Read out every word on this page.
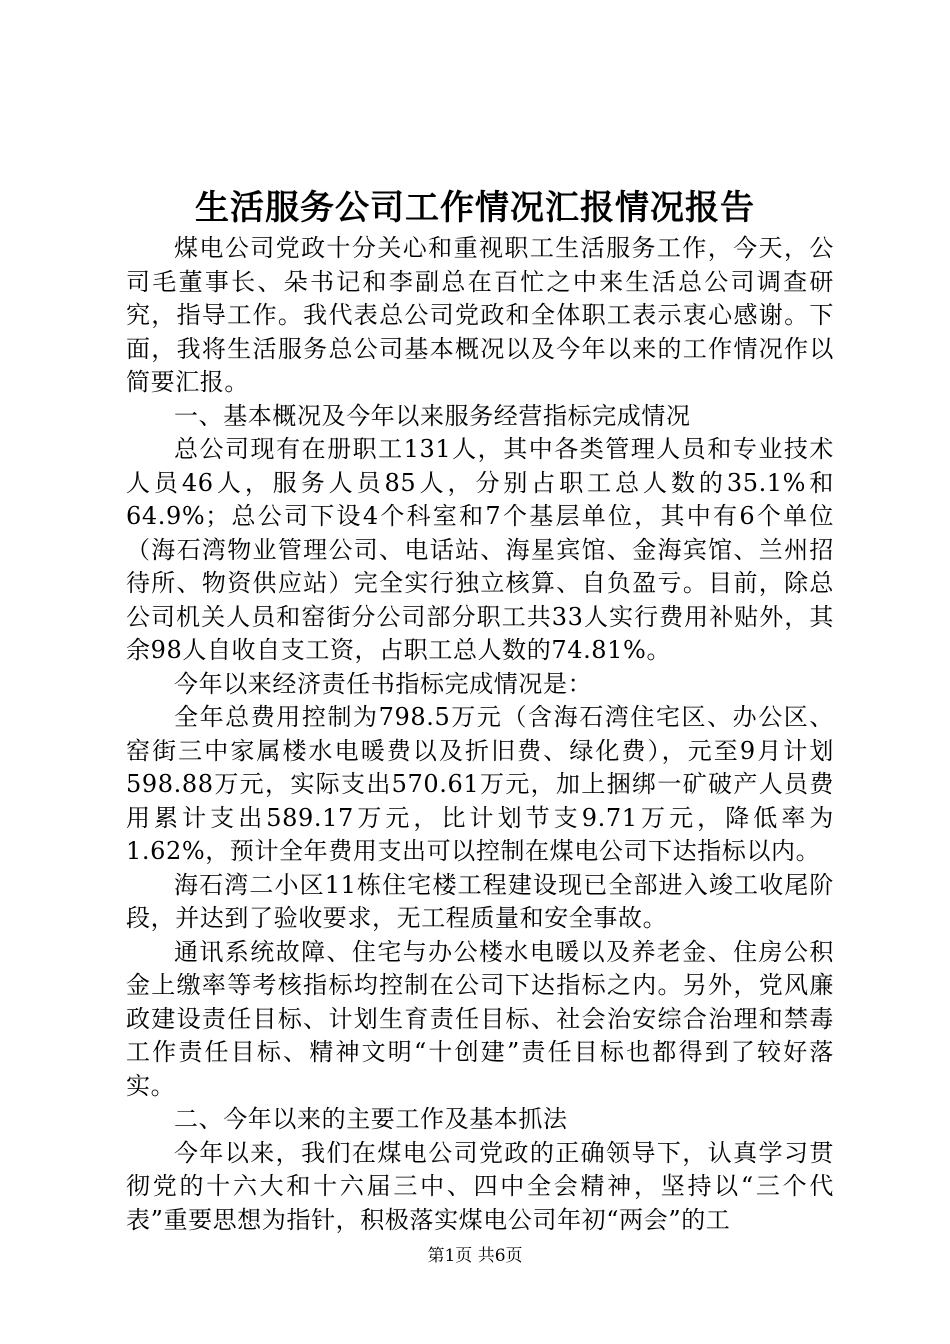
生活服务公司工作情况汇报情况报告

煤电公司党政十分关心和重视职工生活服务工作，今天，公司毛董事长、朵书记和李副总在百忙之中来生活总公司调查研究，指导工作。我代表总公司党政和全体职工表示衷心感谢。下面，我将生活服务总公司基本概况以及今年以来的工作情况作以简要汇报。

一、基本概况及今年以来服务经营指标完成情况

总公司现有在册职工131人，其中各类管理人员和专业技术人员46人，服务人员85人，分别占职工总人数的35.1%和64.9%；总公司下设4个科室和7个基层单位，其中有6个单位（海石湾物业管理公司、电话站、海星宾馆、金海宾馆、兰州招待所、物资供应站）完全实行独立核算、自负盈亏。目前，除总公司机关人员和窑街分公司部分职工共33人实行费用补贴外，其余98人自收自支工资，占职工总人数的74.81%。

今年以来经济责任书指标完成情况是：

全年总费用控制为798.5万元（含海石湾住宅区、办公区、窑街三中家属楼水电暖费以及折旧费、绿化费），元至9月计划598.88万元，实际支出570.61万元，加上捆绑一矿破产人员费用累计支出589.17万元，比计划节支9.71万元，降低率为1.62%，预计全年费用支出可以控制在煤电公司下达指标以内。

海石湾二小区11栋住宅楼工程建设现已全部进入竣工收尾阶段，并达到了验收要求，无工程质量和安全事故。

通讯系统故障、住宅与办公楼水电暖以及养老金、住房公积金上缴率等考核指标均控制在公司下达指标之内。另外，党风廉政建设责任目标、计划生育责任目标、社会治安综合治理和禁毒工作责任目标、精神文明“十创建”责任目标也都得到了较好落实。

二、今年以来的主要工作及基本抓法

今年以来，我们在煤电公司党政的正确领导下，认真学习贯彻党的十六大和十六届三中、四中全会精神，坚持以“三个代表”重要思想为指针，积极落实煤电公司年初“两会”的工

第1页 共6页
